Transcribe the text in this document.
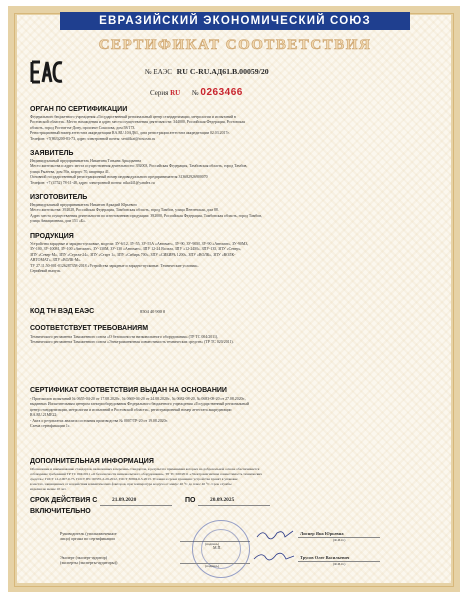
ЕВРАЗИЙСКИЙ ЭКОНОМИЧЕСКИЙ СОЮЗ
СЕРТИФИКАТ СООТВЕТСТВИЯ
№ ЕАЭС RU C-RU.AД61.В.00059/20
Серия RU № 0263466
ОРГАН ПО СЕРТИФИКАЦИИ
Федерального бюджетного учреждения «Государственный региональный центр стандартизации, метрологии и испытаний в
Ростовской области». Место нахождения и адрес места осуществления деятельности: 344000, Российская Федерация, Ростовская
область, город Ростов-на-Дону, проспект Соколова, дом 58/173.
Регистрационный номер аттестата аккредитации RA.RU.10АД61, дата регистрации аттестата аккредитации 02.03.2017г.
Телефон: +7(863)200-83-73, адрес электронной почты: sertifikat@rostcsm.ru
ЗАЯВИТЕЛЬ
Индивидуальный предприниматель Никитина Татьяна Аркадьевна
Место жительства и адрес места осуществления деятельности: 392003, Российская Федерация, Тамбовская область, город Тамбов,
улица Рылеева, дом 59а, корпус 70, квартира 41.
Основной государственный регистрационный номер индивидуального предпринимателя 313682926900070
Телефон: +7 (4752) 78-11-48, адрес электронной почты: nika441@yandex.ru
ИЗГОТОВИТЕЛЬ
Индивидуальный предприниматель Никитин Аркадий Юрьевич
Место жительства: 392028, Российская Федерация, Тамбовская область, город Тамбов, улица Пензенская, дом 88.
Адрес места осуществления деятельности по изготовлению продукции: 392000, Российская Федерация, Тамбовская область, город Тамбов,
улица Авиационная, дом 151 «Б».
ПРОДУКЦИЯ
Устройства зарядные и зарядно-пусковые, модели: ЗУ-6/12, ЗУ-55, ЗУ-55А «Автомат», ЗУ-90, ЗУ-90М, ЗУ-90 «Автомат», ЗУ-90М3,
ЗУ-100, ЗУ-100М, ЗУ-100 «Автомат», ЗУ-130М, ЗУ-130 «Автомат», ЗПУ 12-24 Вольта, ЗПУ «12-24М», ЗПУ-135, ЗПУ «Север»,
ЗПУ «Север-М», ЗПУ «Стрела-24», ЗПУ «Старт 1», ЗПУ «Сибирь 700», ЗПУ «СИБИРЬ 1200», ЗПУ «ВОЛК», ЗПУ «ВОЛК-
АВТОМАТ», ЗПУ «ВОЛК-М».
ТУ 27.11.50-001-0126287358-2018 «Устройства зарядные и зарядно-пусковые. Технические условия».
Серийный выпуск.
КОД ТН ВЭД ЕАЭС	8504 40 900 0
СООТВЕТСТВУЕТ ТРЕБОВАНИЯМ
Технического регламента Таможенного союза «О безопасности низковольтного оборудования» (ТР ТС 004/2011),
Технического регламента Таможенного союза «Электромагнитная совместимость технических средств» (ТР ТС 020/2011).
СЕРТИФИКАТ СООТВЕТСТВИЯ ВЫДАН НА ОСНОВАНИИ
- Протоколов испытаний № 0655-04-20 от 17.08.2020г., № 0669-04-20 от 24.08.2020г., № 0682-08-20, № 0683-08-20 от 27.08.2020г.,
выданных Испытательным центром электрооборудования Федерального бюджетного учреждения «Государственный региональный
центр стандартизации, метрологии и испытаний в Ростовской области», регистрационный номер аттестата аккредитации
RA.RU.21МЕ22;
- Акта о результатах анализа состояния производства № 0007/ТР-20 от 19.08.2020г.
Схема сертификации 1с.
ДОПОЛНИТЕЛЬНАЯ ИНФОРМАЦИЯ
Обозначение и наименование стандартов, включенных в перечень стандартов, в результате применения которых на добровольной основе обеспечивается
соблюдение требований ТР ТС 004/2011 «О безопасности низковольтного оборудования», ТР ТС 020/2011 «Электромагнитная совместимость технических
средств»: ГОСТ 12.2.007.0-75, ГОСТ IEC 60335-2-29-2012, ГОСТ 30804.6.3-2013. Условия и сроки хранения: устройства хранят в упаковке
в местах, защищенных от воздействия климатических факторов, при температуре воздуха от минус 40 °C до плюс 40 °C. Срок службы
изделия не менее 10 лет.
СРОК ДЕЙСТВИЯ С	21.09.2020	ПО	20.09.2025
ВКЛЮЧИТЕЛЬНО
Руководитель (уполномоченное
лицо) органа по сертификации
(подпись)
Лиснер Яна Юрьевна
(Ф.И.О.)
М.П.
Эксперт (эксперт-аудитор)
(эксперты (эксперты-аудиторы))
(подпись)
Трусов Олег Васильевич
(Ф.И.О.)
